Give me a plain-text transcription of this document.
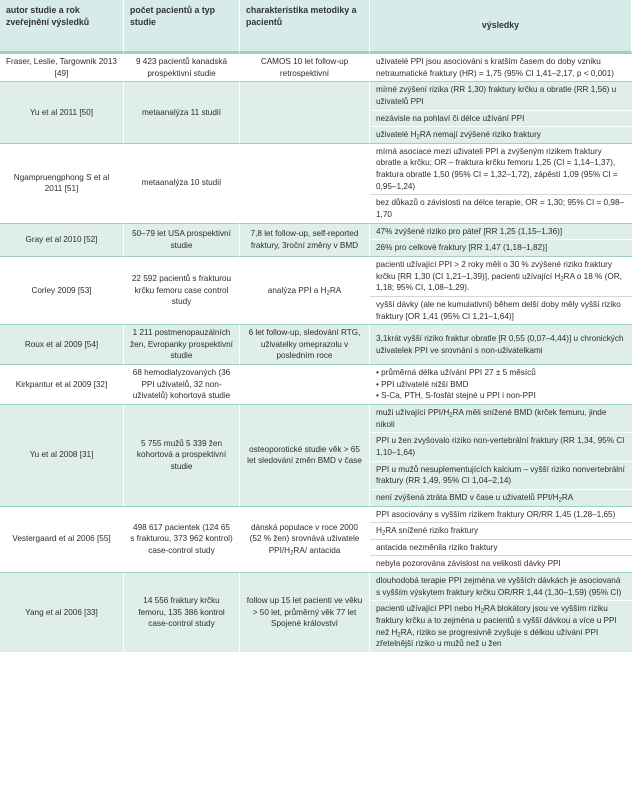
autor studie a rok zveřejnění výsledků	počet pacientů a typ studie	charakteristika metodiky a pacientů	výsledky
Fraser, Leslie, Targownik 2013 [49]	9 423 pacientů kanadská prospektivní studie	CAMOS 10 let follow-up retrospektivní	uživatelé PPI jsou asociováni s kratším časem do doby vzniku netraumatické fraktury (HR) = 1,75 (95% CI 1,41–2,17, p < 0,001)
Yu et al 2011 [50]	metaanalýza 11 studií		mírné zvýšení rizika (RR 1,30) fraktury krčku a obratle (RR 1,56) u uživatelů PPI
			nezávisle na pohlaví či délce užívání PPI
			uživatelé $H_2RA$ nemají zvýšené riziko fraktury
Ngampruengphong S et al 2011 [51]	metaanalýza 10 studií		mírná asociace mezi uživateli PPI a zvýšeným rizikem fraktury obratle a krčku; OR – fraktura krčku femoru 1,25 (CI = 1,14–1,37), fraktura obratle 1,50 (95% CI = 1,32–1,72), zápěstí 1,09 (95% CI = 0,95–1,24)
			bez důkazů o závislosti na délce terapie, OR = 1,30; 95% CI = 0,98–1,70
Gray et al 2010 [52]	50–79 let USA prospektivní studie	7,8 let follow-up, self-reported fraktury, 3roční změny v BMD	47% zvýšené riziko pro páteř [RR 1,25 (1,15–1,36)]
			26% pro celkové fraktury [RR 1,47 (1,18–1,82)]
Corley 2009 [53]	22 592 pacientů s frakturou krčku femoru case control study	analýza PPI a $H_2RA$	pacienti užívající PPI > 2 roky měli o 30 % zvýšené riziko fraktury krčku [RR 1,30 (CI 1,21–1,39)], pacienti užívající $H_2RA$ o 18 % (OR, 1,18; 95% CI, 1,08–1,29).
			vyšší dávky (ale ne kumulativní) během delší doby měly vyšší riziko fraktury [OR 1,41 (95% CI 1,21–1,64)]
Roux et al 2009 [54]	1 211 postmenopauzálních žen, Evropanky prospektivní studie	6 let follow-up, sledování RTG, uživatelky omeprazolu v posledním roce	3,1krát vyšší riziko fraktur obratle [R 0,55 (0,07–4,44)] u chronických uživatelek PPI ve srovnání s non-uživatelkami
Kirkpantur et al 2009 [32]	68 hemodialyzovaných (36 PPI uživatelů, 32 non-uživatelů) kohortová studie		• průměrná délka užívání PPI 27 ± 5 měsíců
• PPI uživatelé nižší BMD
• S-Ca, PTH, S-fosfát stejné u PPI i non-PPI
Yu et al 2008 [31]	5 755 mužů 5 339 žen kohortová a prospektivní studie	osteoporotické studie věk > 65 let sledování změn BMD v čase	muži užívající PPI/$H_2RA$ měli snížené BMD (krček femuru, jinde nikoli
			PPI u žen zvyšovalo riziko non-vertebrální fraktury (RR 1,34, 95% CI 1,10–1,64)
			PPI u mužů nesuplementujících kalcium – vyšší riziko nonvertebrální fraktury (RR 1,49, 95% CI 1,04–2,14)
			není zvýšená ztráta BMD v čase u uživatelů PPI/$H_2RA$
Vestergaard et al 2006 [55]	498 617 pacientek (124 65 s frakturou, 373 962 kontrol) case-control study	dánská populace v roce 2000 (52 % žen) srovnává uživatele PPI/$H_2RA/$ antacida	PPI asociovány s vyšším rizikem fraktury OR/RR 1,45 (1,28–1,65)
			$H_2RA$ snížené riziko fraktury
			antacida nezměnila riziko fraktury
			nebyla pozorována závislost na velikosti dávky PPI
Yang et al 2006 [33]	14 556 fraktury krčku femoru, 135 386 kontrol case-control study	follow up 15 let pacienti ve věku > 50 let, průměrný věk 77 let Spojené království	dlouhodobá terapie PPI zejména ve vyšších dávkách je asociovaná s vyšším výskytem fraktury krčku OR/RR 1,44 (1,30–1,59) (95% CI)
			pacienti užívající PPI nebo $H_2RA$ blokátory jsou ve vyšším riziku fraktury krčku a to zejména u pacientů s vyšší dávkou a více u PPI než $H_2RA$, riziko se progresivně zvyšuje s délkou užívání PPI zřetelnější riziko u mužů než u žen
